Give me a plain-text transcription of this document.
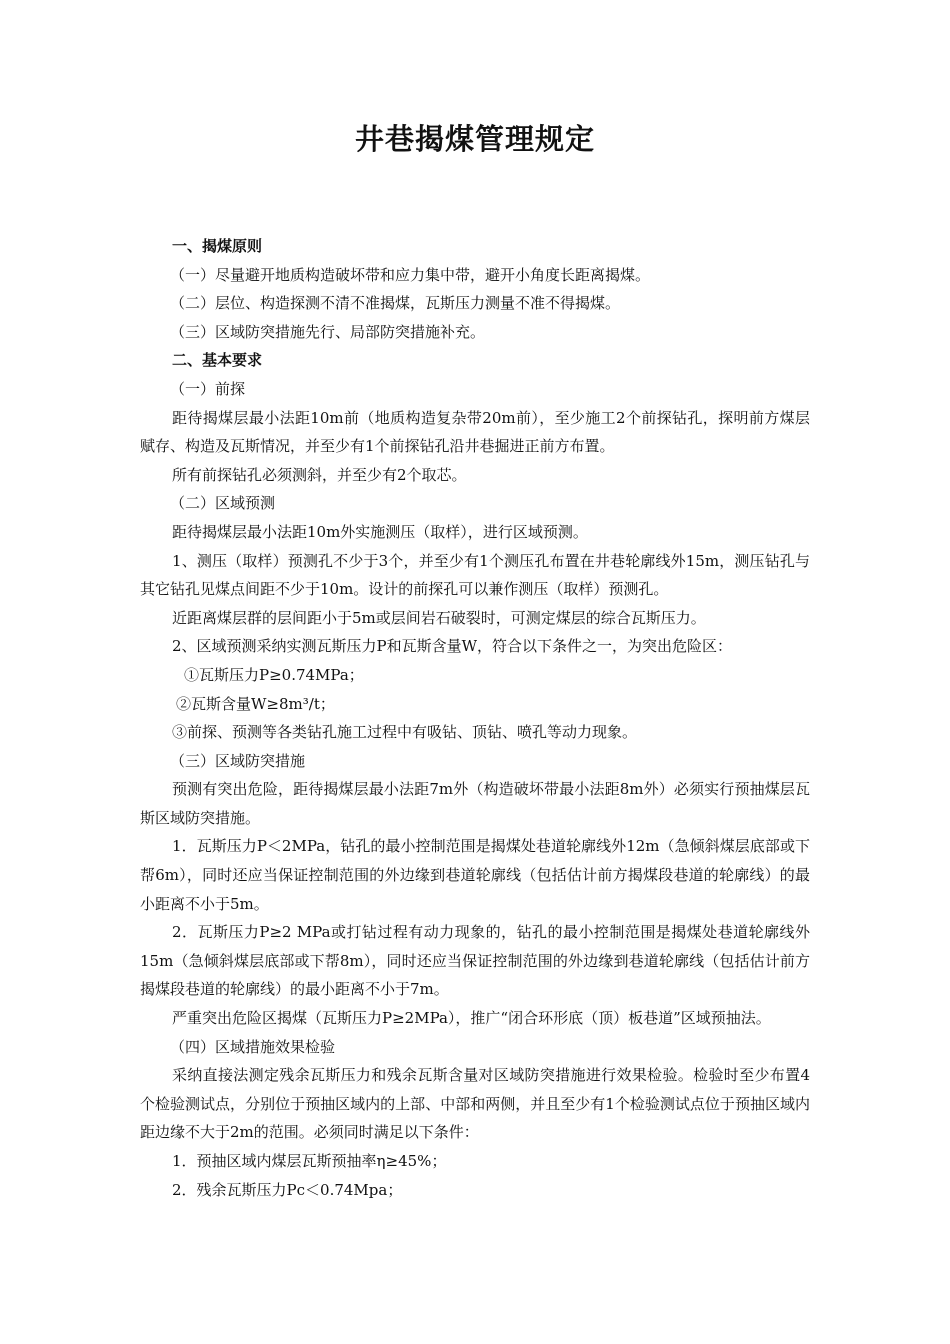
井巷揭煤管理规定

一、揭煤原则

（一）尽量避开地质构造破坏带和应力集中带，避开小角度长距离揭煤。

（二）层位、构造探测不清不准揭煤，瓦斯压力测量不准不得揭煤。

（三）区域防突措施先行、局部防突措施补充。

二、基本要求

（一）前探

距待揭煤层最小法距10m前（地质构造复杂带20m前），至少施工2个前探钻孔，探明前方煤层赋存、构造及瓦斯情况，并至少有1个前探钻孔沿井巷掘进正前方布置。

所有前探钻孔必须测斜，并至少有2个取芯。

（二）区域预测

距待揭煤层最小法距10m外实施测压（取样），进行区域预测。

1、测压（取样）预测孔不少于3个，并至少有1个测压孔布置在井巷轮廓线外15m，测压钻孔与其它钻孔见煤点间距不少于10m。设计的前探孔可以兼作测压（取样）预测孔。

近距离煤层群的层间距小于5m或层间岩石破裂时，可测定煤层的综合瓦斯压力。

2、区域预测采纳实测瓦斯压力P和瓦斯含量W，符合以下条件之一，为突出危险区：

①瓦斯压力P≥0.74MPa；

②瓦斯含量W≥8m³/t；

③前探、预测等各类钻孔施工过程中有吸钻、顶钻、喷孔等动力现象。

（三）区域防突措施

预测有突出危险，距待揭煤层最小法距7m外（构造破坏带最小法距8m外）必须实行预抽煤层瓦斯区域防突措施。

1．瓦斯压力P＜2MPa，钻孔的最小控制范围是揭煤处巷道轮廓线外12m（急倾斜煤层底部或下帮6m），同时还应当保证控制范围的外边缘到巷道轮廓线（包括估计前方揭煤段巷道的轮廓线）的最小距离不小于5m。

2．瓦斯压力P≥2 MPa或打钻过程有动力现象的，钻孔的最小控制范围是揭煤处巷道轮廓线外15m（急倾斜煤层底部或下帮8m），同时还应当保证控制范围的外边缘到巷道轮廓线（包括估计前方揭煤段巷道的轮廓线）的最小距离不小于7m。

严重突出危险区揭煤（瓦斯压力P≥2MPa），推广“闭合环形底（顶）板巷道”区域预抽法。

（四）区域措施效果检验

采纳直接法测定残余瓦斯压力和残余瓦斯含量对区域防突措施进行效果检验。检验时至少布置4个检验测试点，分别位于预抽区域内的上部、中部和两侧，并且至少有1个检验测试点位于预抽区域内距边缘不大于2m的范围。必须同时满足以下条件：

1．预抽区域内煤层瓦斯预抽率η≥45%；

2．残余瓦斯压力Pc＜0.74Mpa；
